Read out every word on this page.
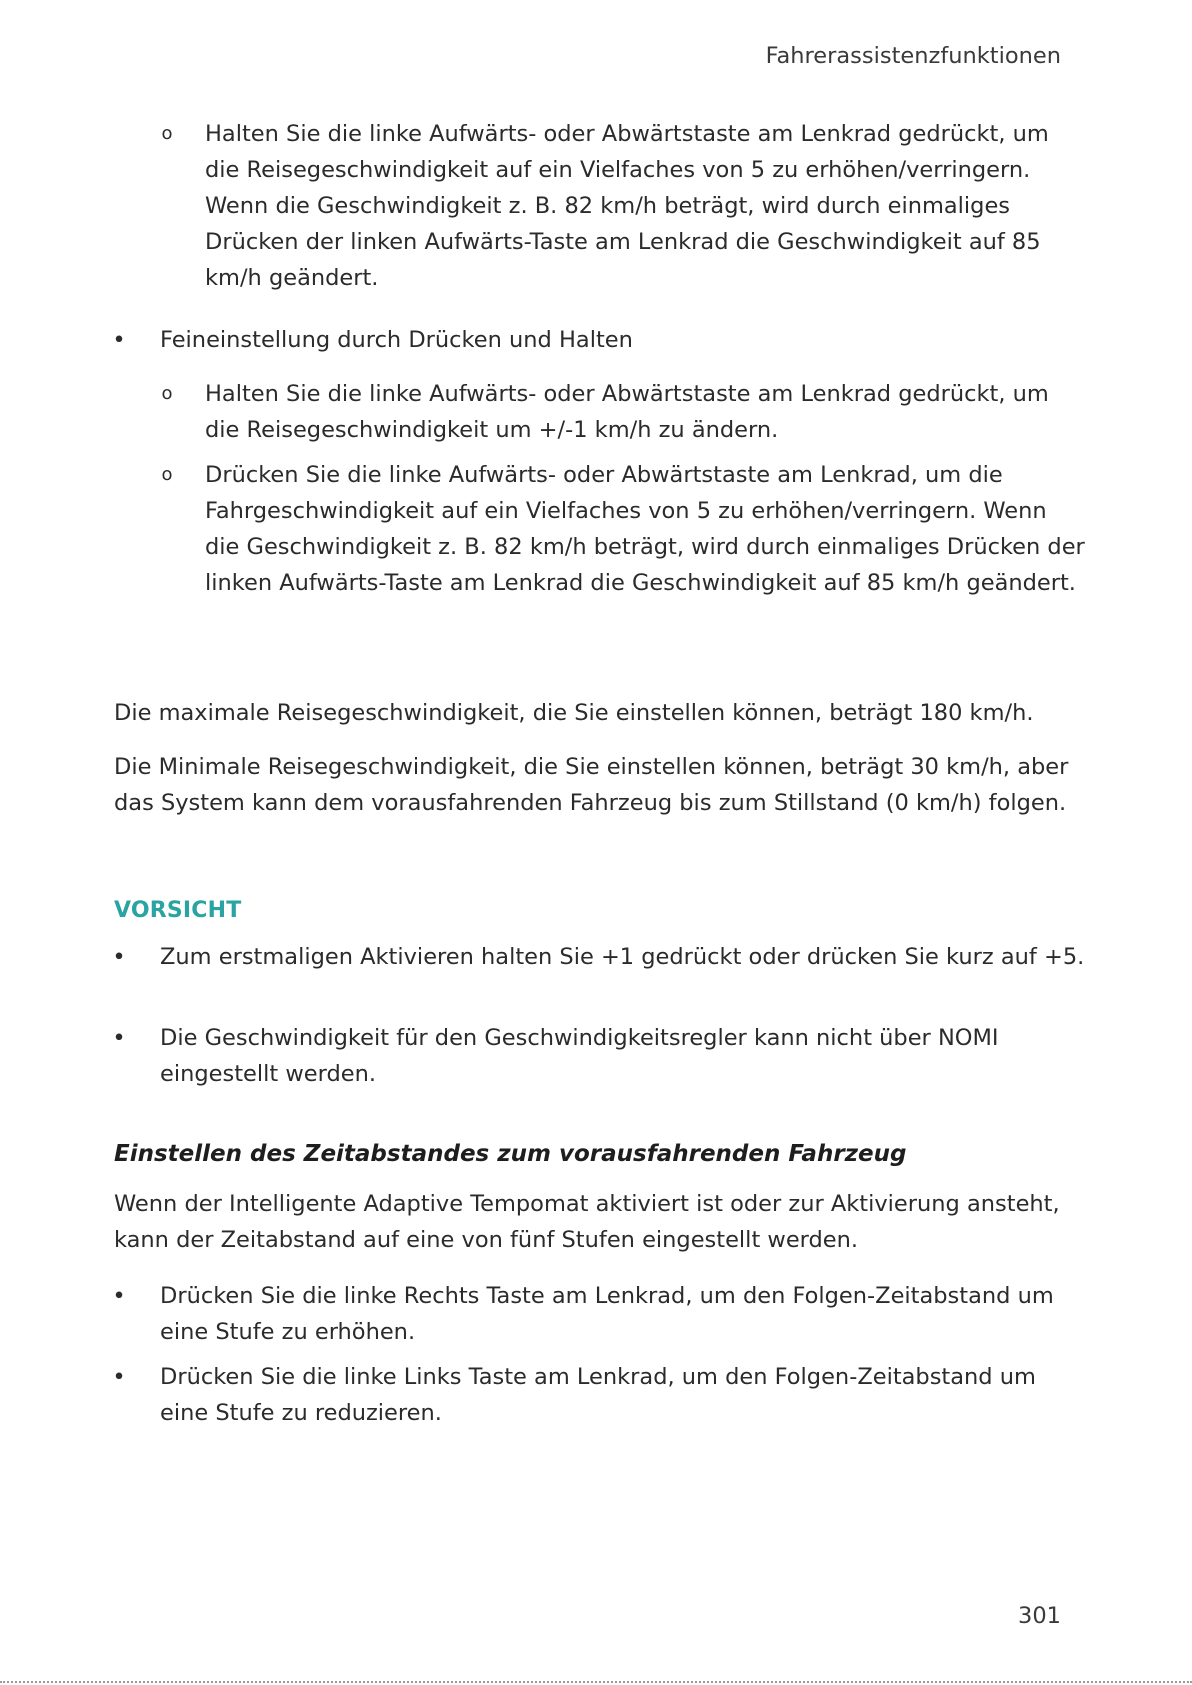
Fahrerassistenzfunktionen
o Halten Sie die linke Aufwärts- oder Abwärtstaste am Lenkrad gedrückt, um die Reisegeschwindigkeit auf ein Vielfaches von 5 zu erhöhen/verringern. Wenn die Geschwindigkeit z. B. 82 km/h beträgt, wird durch einmaliges Drücken der linken Aufwärts-Taste am Lenkrad die Geschwindigkeit auf 85 km/h geändert.
• Feineinstellung durch Drücken und Halten
o Halten Sie die linke Aufwärts- oder Abwärtstaste am Lenkrad gedrückt, um die Reisegeschwindigkeit um +/-1 km/h zu ändern.
o Drücken Sie die linke Aufwärts- oder Abwärtstaste am Lenkrad, um die Fahrgeschwindigkeit auf ein Vielfaches von 5 zu erhöhen/verringern. Wenn die Geschwindigkeit z. B. 82 km/h beträgt, wird durch einmaliges Drücken der linken Aufwärts-Taste am Lenkrad die Geschwindigkeit auf 85 km/h geändert.
Die maximale Reisegeschwindigkeit, die Sie einstellen können, beträgt 180 km/h.
Die Minimale Reisegeschwindigkeit, die Sie einstellen können, beträgt 30 km/h, aber das System kann dem vorausfahrenden Fahrzeug bis zum Stillstand (0 km/h) folgen.
VORSICHT
• Zum erstmaligen Aktivieren halten Sie +1 gedrückt oder drücken Sie kurz auf +5.
• Die Geschwindigkeit für den Geschwindigkeitsregler kann nicht über NOMI eingestellt werden.
Einstellen des Zeitabstandes zum vorausfahrenden Fahrzeug
Wenn der Intelligente Adaptive Tempomat aktiviert ist oder zur Aktivierung ansteht, kann der Zeitabstand auf eine von fünf Stufen eingestellt werden.
• Drücken Sie die linke Rechts Taste am Lenkrad, um den Folgen-Zeitabstand um eine Stufe zu erhöhen.
• Drücken Sie die linke Links Taste am Lenkrad, um den Folgen-Zeitabstand um eine Stufe zu reduzieren.
301
